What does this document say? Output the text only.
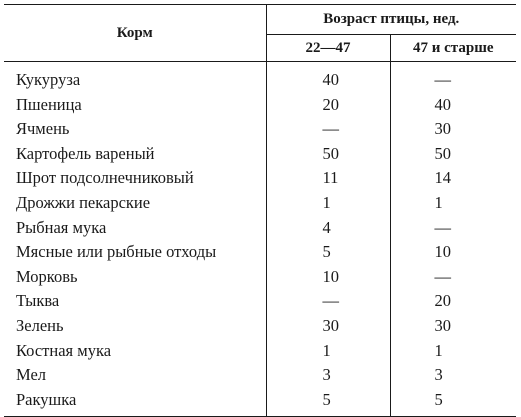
Корм	Возраст птицы, нед.	
	22—47	47 и старше
Кукуруза	40	—
Пшеница	20	40
Ячмень	—	30
Картофель вареный	50	50
Шрот подсолнечниковый	11	14
Дрожжи пекарские	1	1
Рыбная мука	4	—
Мясные или рыбные отходы	5	10
Морковь	10	—
Тыква	—	20
Зелень	30	30
Костная мука	1	1
Мел	3	3
Ракушка	5	5
